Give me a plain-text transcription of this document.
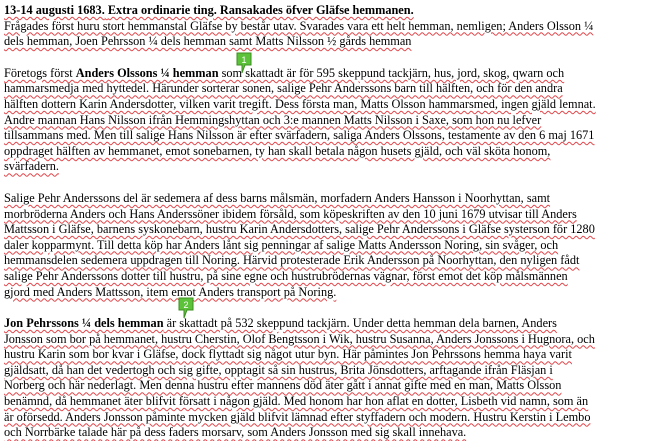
13-14 augusti 1683. Extra ordinarie ting. Ransakades öfver Gläfse hemmanen.
Frågades först huru stort hemmanstal Gläfse by består utav. Svarades vara ett helt hemman, nemligen; Anders Olsson ¼
dels hemman, Joen Pehrsson ¼ dels hemman samt Matts Nilsson ½ gårds hemman
Företogs först Anders Olssons ¼ hemman som skattadt är för 595 skeppund tackjärn, hus, jord, skog, qwarn och
hammarsmedja med hyttedel. Härunder sorterar sonen, salige Pehr Anderssons barn till hälften, och för den andra
hälften dottern Karin Andersdotter, vilken varit tregift. Dess första man, Matts Olsson hammarsmed, ingen gjäld lemnat.
Andre mannan Hans Nilsson ifrån Hemmingshyttan och 3:e mannen Matts Nilsson i Saxe, som hon nu lefver
tillsammans med. Men till salige Hans Nilsson är efter svärfadern, saliga Anders Olssons, testamente av den 6 maj 1671
oppdraget hälften av hemmanet, emot sonebarnen, ty han skall betala någon husets gjäld, och väl sköta honom,
svärfadern.
Salige Pehr Anderssons del är sedemera af dess barns målsmän, morfadern Anders Hansson i Noorhyttan, samt
morbröderna Anders och Hans Anderssöner ibidem försåld, som köpeskriften av den 10 juni 1679 utvisar till Anders
Mattsson i Gläfse, barnens syskonebarn, hustru Karin Andersdotters, salige Pehr Anderssons i Gläfse systerson för 1280
daler kopparmynt. Till detta köp har Anders lånt sig penningar af salige Matts Andersson Noring, sin svåger, och
hemmansdelen sedemera uppdragen till Noring. Härvid protesterade Erik Andersson på Noorhyttan, den nyligen fådt
salige Pehr Anderssons dotter till hustru, på sine egne och hustrubrödernas vägnar, först emot det köp målsmännen
gjord med Anders Mattsson, item emot Anders transport på Noring.
Jon Pehrssons ¼ dels hemman är skattadt på 532 skeppund tackjärn. Under detta hemman dela barnen, Anders
Jonsson som bor på hemmanet, hustru Cherstin, Olof Bengtsson i Wik, hustru Susanna, Anders Jonssons i Hugnora, och
hustru Karin som bor kvar i Gläfse, dock flyttadt sig något utur byn. Här påmintes Jon Pehrssons hemma haya varit
gjäldsatt, då han det vedertogh och sig gifte, opptagit så sin hustrus, Brita Jönsdotters, arftagande ifrån Fläsjan i
Norberg och här nederlagt. Men denna hustru efter mannens död äter gått i annat gifte med en man, Matts Olsson
benämnd, då hemmanet äter blifvit försatt i någon gjäld. Med honom har hon aflat en dotter, Lisbeth vid namn, som än
är oförsedd. Anders Jonsson påminte mycken gjäld blifvit lämnad efter styffadern och modern. Hustru Kerstin i Lembo
och Norrbärke talade här på dess faders morsarv, som Anders Jonsson med sig skall innehava.
1
2
